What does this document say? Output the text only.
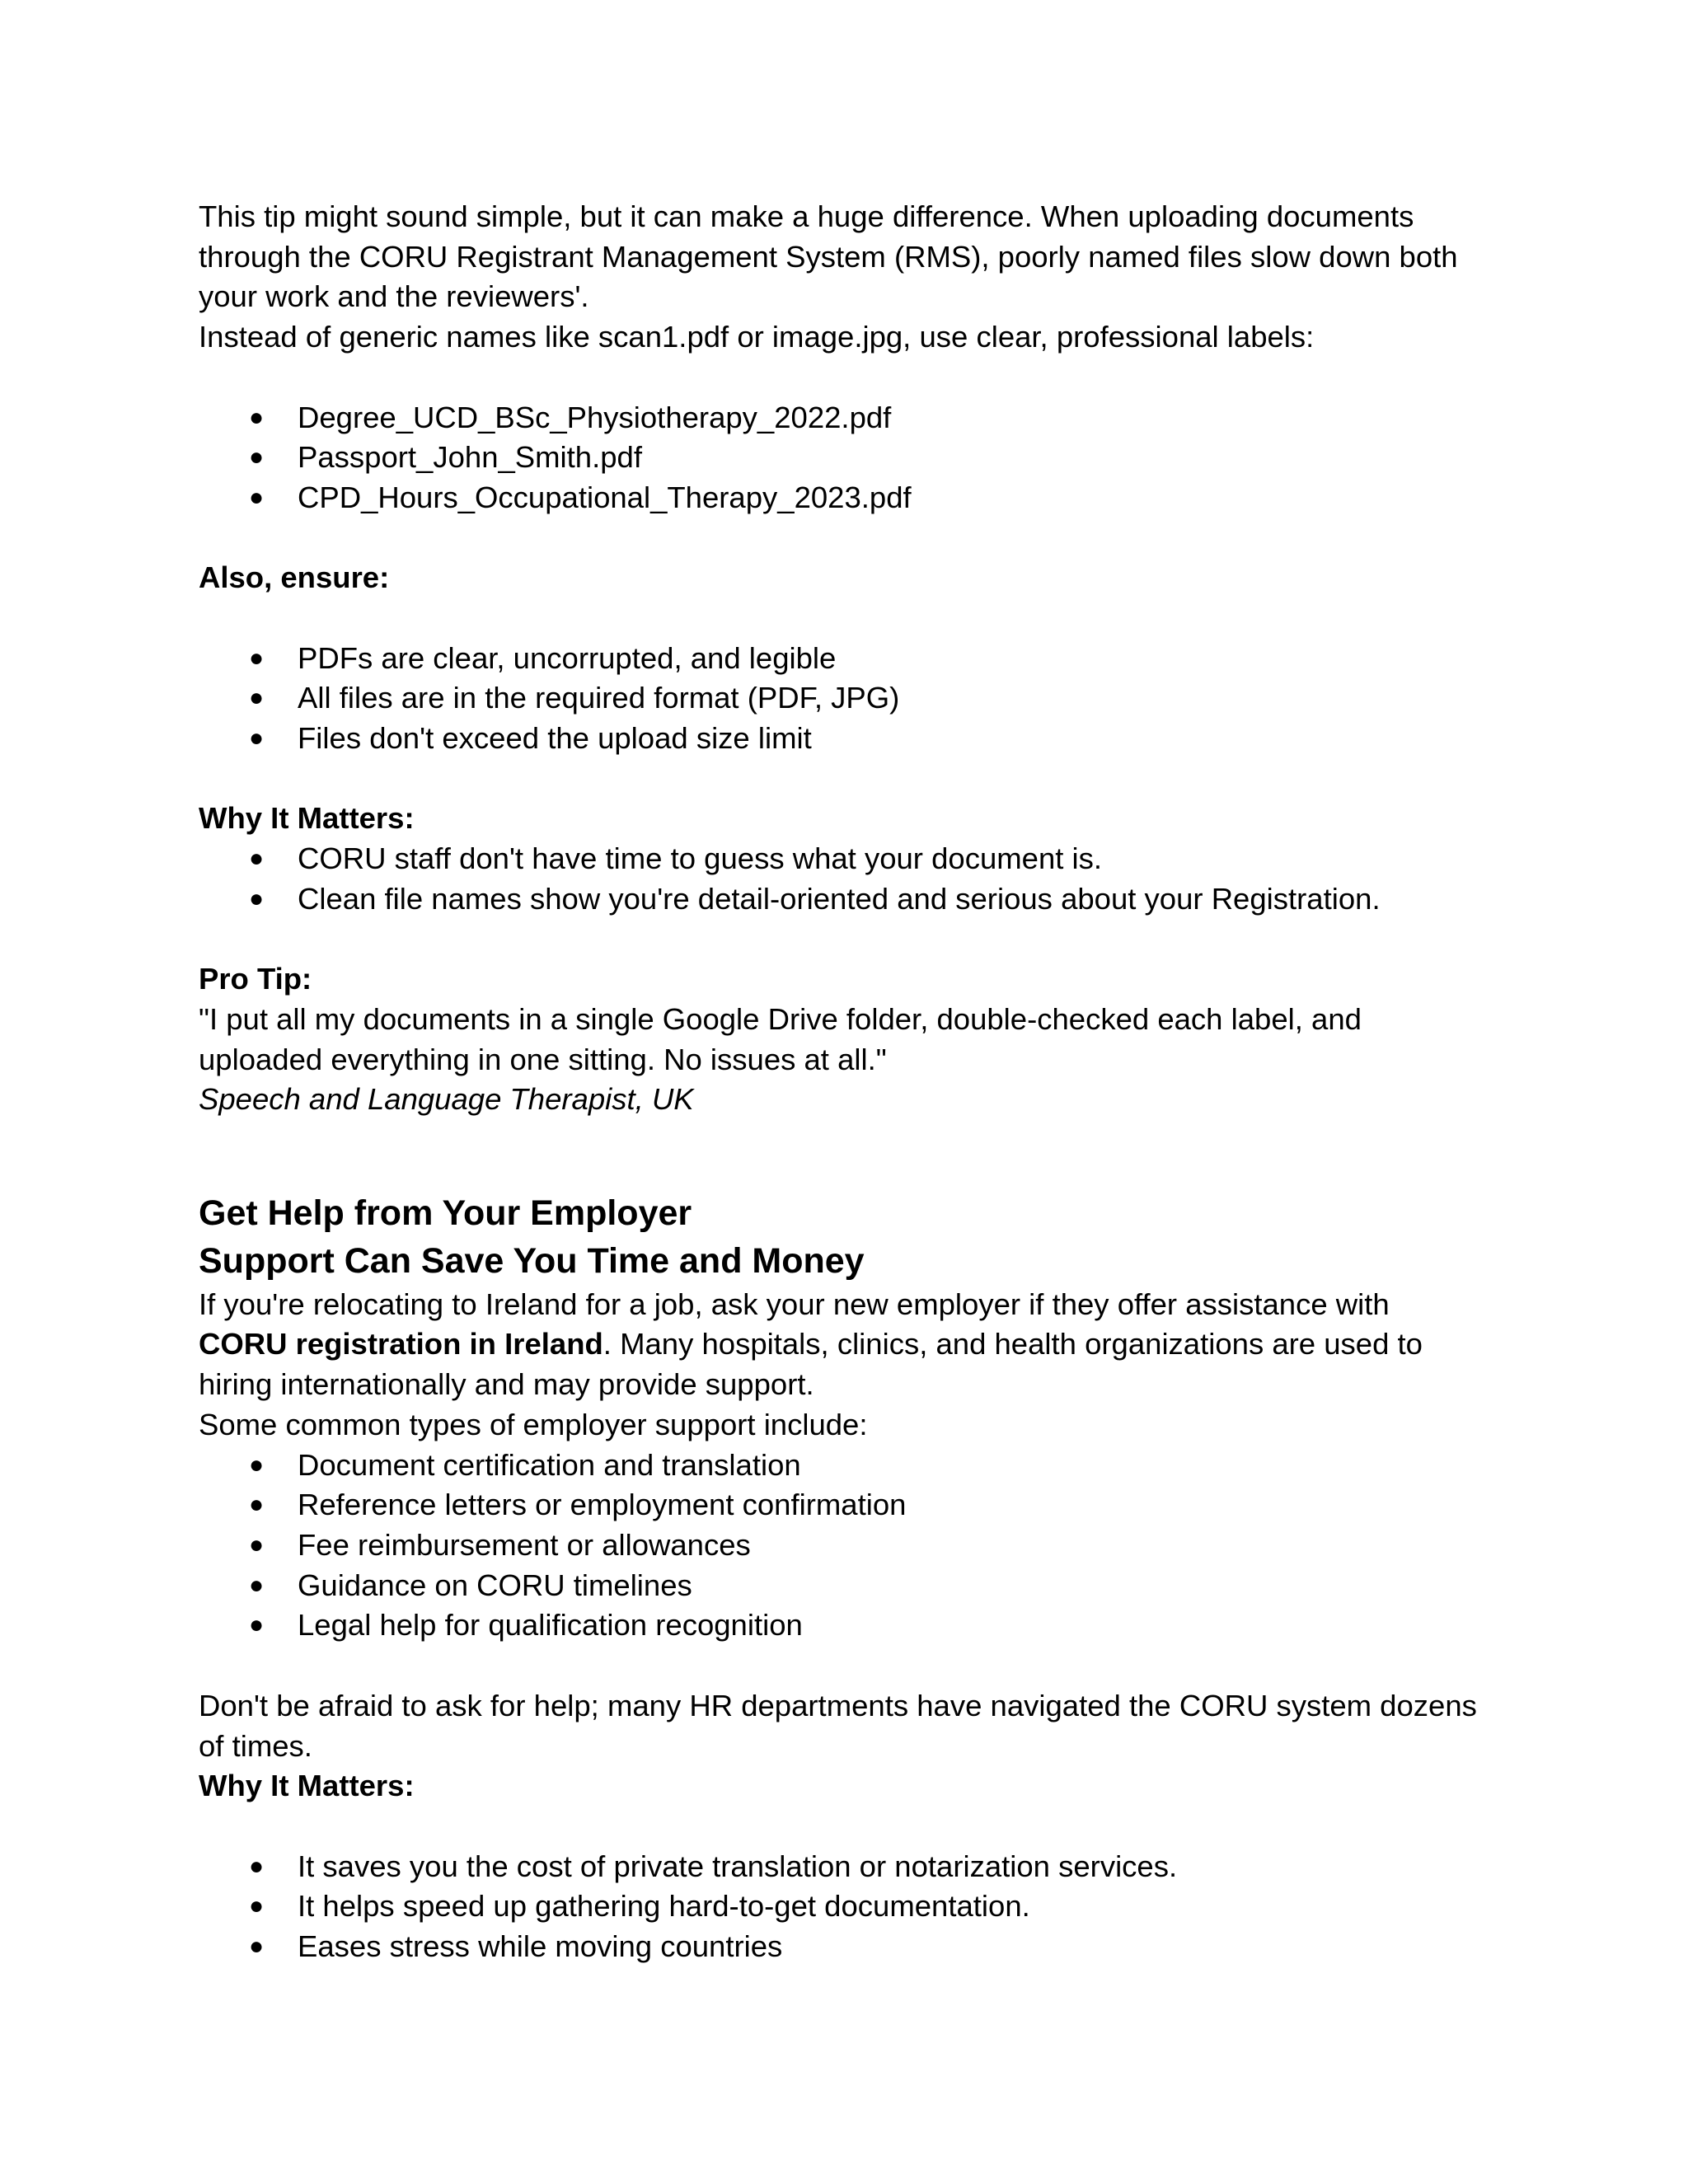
This tip might sound simple, but it can make a huge difference. When uploading documents

through the CORU Registrant Management System (RMS), poorly named files slow down both

your work and the reviewers'.

Instead of generic names like scan1.pdf or image.jpg, use clear, professional labels:

● Degree_UCD_BSc_Physiotherapy_2022.pdf
● Passport_John_Smith.pdf
● CPD_Hours_Occupational_Therapy_2023.pdf

Also, ensure:

● PDFs are clear, uncorrupted, and legible
● All files are in the required format (PDF, JPG)
● Files don't exceed the upload size limit

Why It Matters:

● CORU staff don't have time to guess what your document is.
● Clean file names show you're detail-oriented and serious about your Registration.

Pro Tip:

"I put all my documents in a single Google Drive folder, double-checked each label, and

uploaded everything in one sitting. No issues at all."

Speech and Language Therapist, UK

Get Help from Your Employer
Support Can Save You Time and Money

If you're relocating to Ireland for a job, ask your new employer if they offer assistance with

CORU registration in Ireland. Many hospitals, clinics, and health organizations are used to

hiring internationally and may provide support.

Some common types of employer support include:

● Document certification and translation
● Reference letters or employment confirmation
● Fee reimbursement or allowances
● Guidance on CORU timelines
● Legal help for qualification recognition

Don't be afraid to ask for help; many HR departments have navigated the CORU system dozens

of times.

Why It Matters:

● It saves you the cost of private translation or notarization services.
● It helps speed up gathering hard-to-get documentation.
● Eases stress while moving countries
